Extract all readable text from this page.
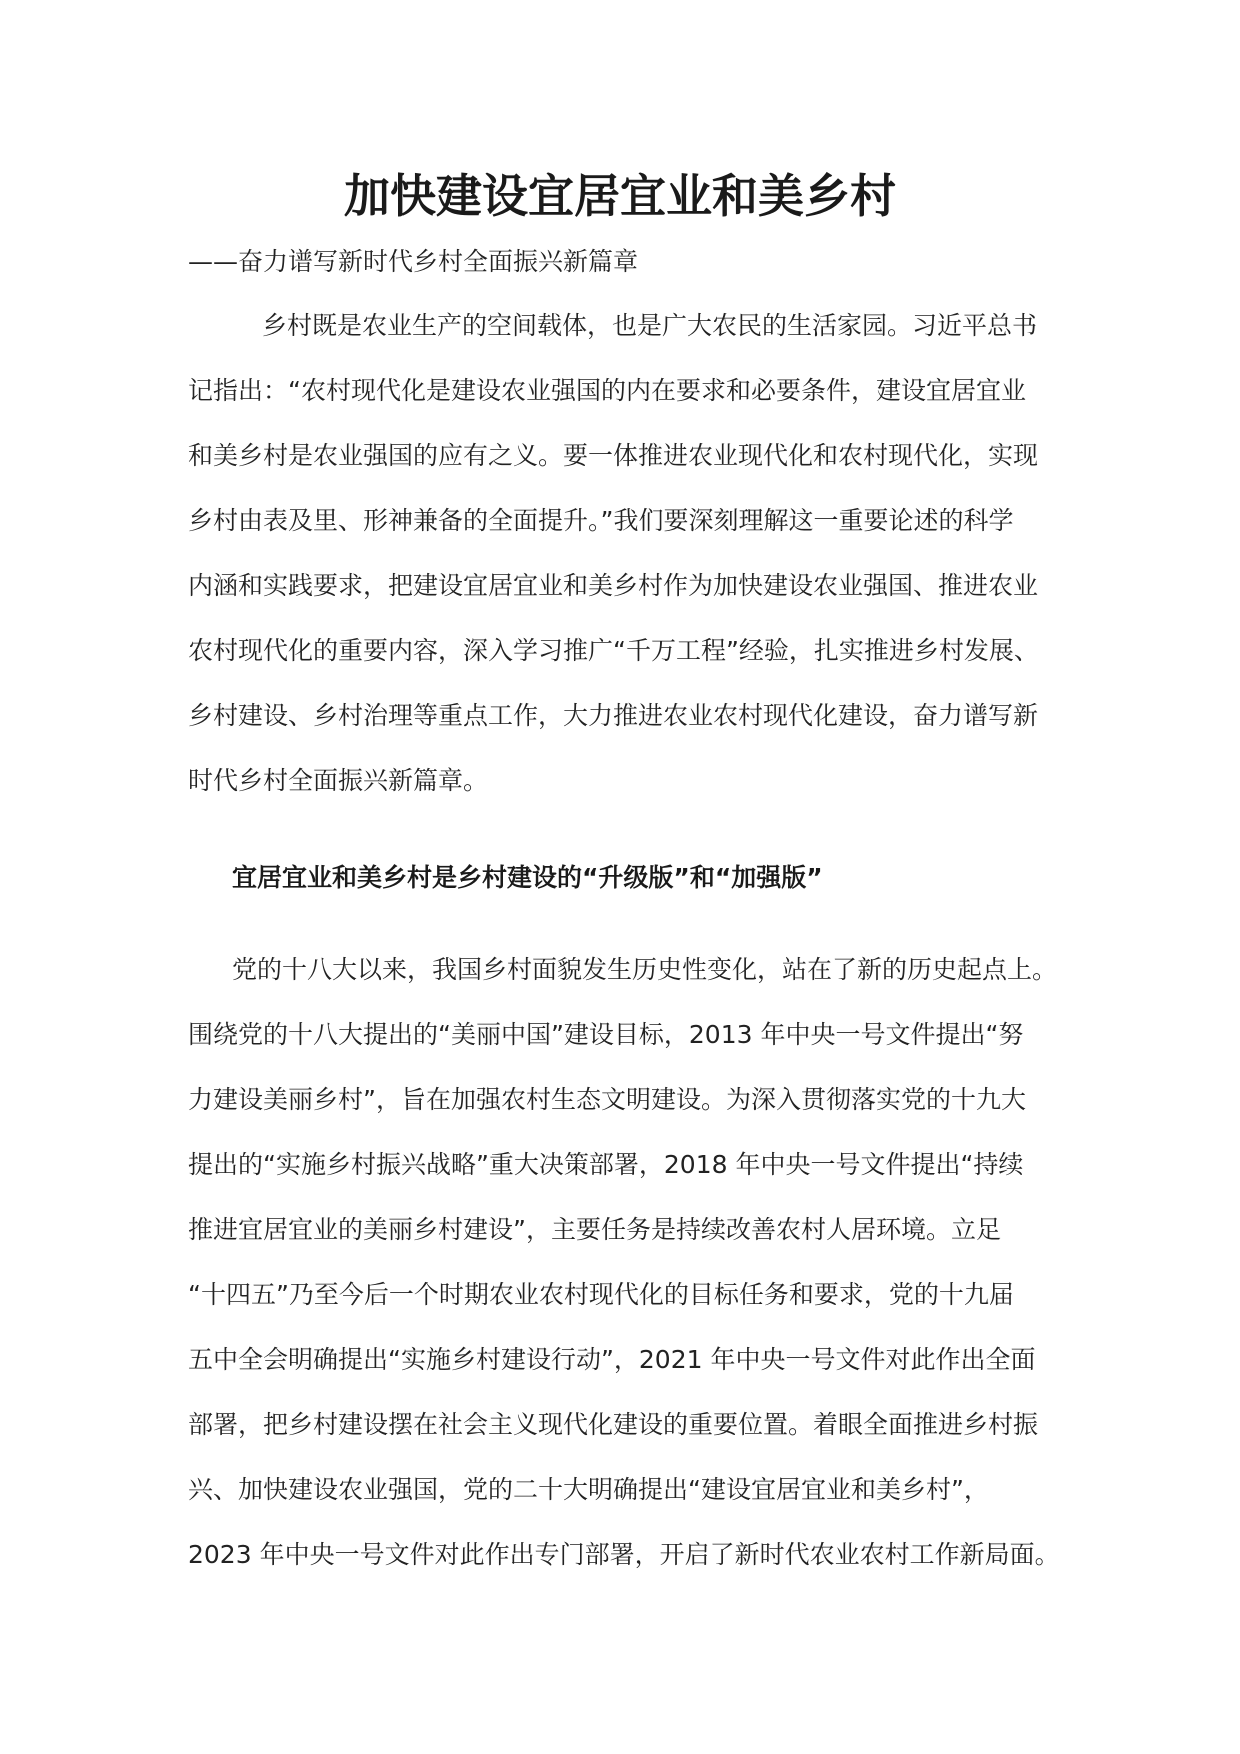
加快建设宜居宜业和美乡村

——奋力谱写新时代乡村全面振兴新篇章

乡村既是农业生产的空间载体，也是广大农民的生活家园。习近平总书

记指出：“农村现代化是建设农业强国的内在要求和必要条件，建设宜居宜业

和美乡村是农业强国的应有之义。要一体推进农业现代化和农村现代化，实现

乡村由表及里、形神兼备的全面提升。”我们要深刻理解这一重要论述的科学

内涵和实践要求，把建设宜居宜业和美乡村作为加快建设农业强国、推进农业

农村现代化的重要内容，深入学习推广“千万工程”经验，扎实推进乡村发展、

乡村建设、乡村治理等重点工作，大力推进农业农村现代化建设，奋力谱写新

时代乡村全面振兴新篇章。

宜居宜业和美乡村是乡村建设的“升级版”和“加强版”

党的十八大以来，我国乡村面貌发生历史性变化，站在了新的历史起点上。

围绕党的十八大提出的“美丽中国”建设目标，2013 年中央一号文件提出“努

力建设美丽乡村”，旨在加强农村生态文明建设。为深入贯彻落实党的十九大

提出的“实施乡村振兴战略”重大决策部署，2018 年中央一号文件提出“持续

推进宜居宜业的美丽乡村建设”，主要任务是持续改善农村人居环境。立足

“十四五”乃至今后一个时期农业农村现代化的目标任务和要求，党的十九届

五中全会明确提出“实施乡村建设行动”，2021 年中央一号文件对此作出全面

部署，把乡村建设摆在社会主义现代化建设的重要位置。着眼全面推进乡村振

兴、加快建设农业强国，党的二十大明确提出“建设宜居宜业和美乡村”，

2023 年中央一号文件对此作出专门部署，开启了新时代农业农村工作新局面。
